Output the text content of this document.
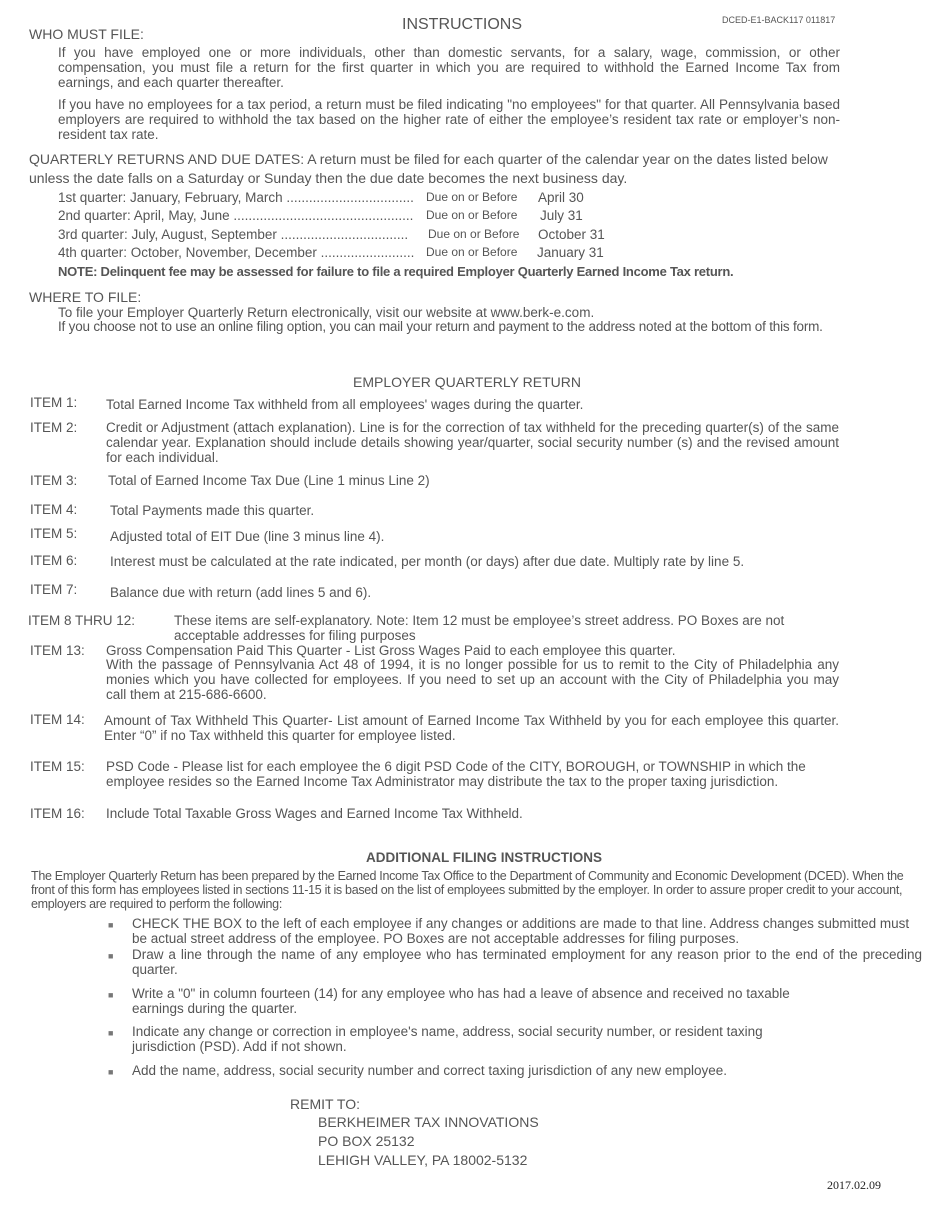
DCED-E1-BACK117 011817
INSTRUCTIONS
WHO MUST FILE:
If you have employed one or more individuals, other than domestic servants, for a salary, wage, commission, or other compensation, you must file a return for the first quarter in which you are required to withhold the Earned Income Tax from earnings, and each quarter thereafter.
If you have no employees for a tax period, a return must be filed indicating "no employees" for that quarter. All Pennsylvania based employers are required to withhold the tax based on the higher rate of either the employee’s resident tax rate or employer’s non-resident tax rate.
QUARTERLY RETURNS AND DUE DATES: A return must be filed for each quarter of the calendar year on the dates listed below unless the date falls on a Saturday or Sunday then the due date becomes the next business day.
1st quarter: January, February, March .................................. Due on or Before April 30
2nd quarter: April, May, June ................................................ Due on or Before July 31
3rd quarter: July, August, September .................................. Due on or Before October 31
4th quarter: October, November, December ......................... Due on or Before January 31
NOTE: Delinquent fee may be assessed for failure to file a required Employer Quarterly Earned Income Tax return.
WHERE TO FILE:
To file your Employer Quarterly Return electronically, visit our website at www.berk-e.com.
If you choose not to use an online filing option, you can mail your return and payment to the address noted at the bottom of this form.
EMPLOYER QUARTERLY RETURN
ITEM 1: Total Earned Income Tax withheld from all employees' wages during the quarter.
ITEM 2: Credit or Adjustment (attach explanation). Line is for the correction of tax withheld for the preceding quarter(s) of the same calendar year. Explanation should include details showing year/quarter, social security number (s) and the revised amount for each individual.
ITEM 3: Total of Earned Income Tax Due (Line 1 minus Line 2)
ITEM 4: Total Payments made this quarter.
ITEM 5: Adjusted total of EIT Due (line 3 minus line 4).
ITEM 6: Interest must be calculated at the rate indicated, per month (or days) after due date. Multiply rate by line 5.
ITEM 7: Balance due with return (add lines 5 and 6).
ITEM 8 THRU 12:	These items are self-explanatory. Note: Item 12 must be employee’s street address. PO Boxes are not acceptable addresses for filing purposes
ITEM 13: Gross Compensation Paid This Quarter - List Gross Wages Paid to each employee this quarter.
With the passage of Pennsylvania Act 48 of 1994, it is no longer possible for us to remit to the City of Philadelphia any monies which you have collected for employees. If you need to set up an account with the City of Philadelphia you may call them at 215-686-6600.
ITEM 14: Amount of Tax Withheld This Quarter- List amount of Earned Income Tax Withheld by you for each employee this quarter. Enter “0” if no Tax withheld this quarter for employee listed.
ITEM 15: PSD Code - Please list for each employee the 6 digit PSD Code of the CITY, BOROUGH, or TOWNSHIP in which the employee resides so the Earned Income Tax Administrator may distribute the tax to the proper taxing jurisdiction.
ITEM 16: Include Total Taxable Gross Wages and Earned Income Tax Withheld.
ADDITIONAL FILING INSTRUCTIONS
The Employer Quarterly Return has been prepared by the Earned Income Tax Office to the Department of Community and Economic Development (DCED). When the front of this form has employees listed in sections 11-15 it is based on the list of employees submitted by the employer. In order to assure proper credit to your account, employers are required to perform the following:
■ CHECK THE BOX to the left of each employee if any changes or additions are made to that line. Address changes submitted must be actual street address of the employee. PO Boxes are not acceptable addresses for filing purposes.
■ Draw a line through the name of any employee who has terminated employment for any reason prior to the end of the preceding quarter.
■ Write a "0" in column fourteen (14) for any employee who has had a leave of absence and received no taxable earnings during the quarter.
■ Indicate any change or correction in employee's name, address, social security number, or resident taxing jurisdiction (PSD). Add if not shown.
■ Add the name, address, social security number and correct taxing jurisdiction of any new employee.
REMIT TO:
BERKHEIMER TAX INNOVATIONS
PO BOX 25132
LEHIGH VALLEY, PA 18002-5132
2017.02.09
